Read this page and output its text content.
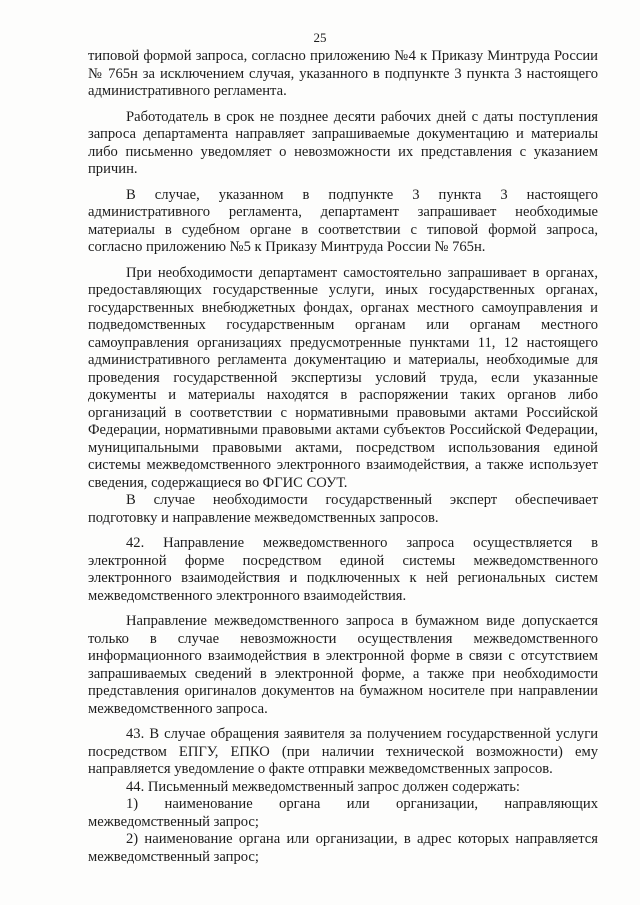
25

типовой формой запроса, согласно приложению №4 к Приказу Минтруда России № 765н за исключением случая, указанного в подпункте 3 пункта 3 настоящего административного регламента.

Работодатель в срок не позднее десяти рабочих дней с даты поступления запроса департамента направляет запрашиваемые документацию и материалы либо письменно уведомляет о невозможности их представления с указанием причин.

В случае, указанном в подпункте 3 пункта 3 настоящего административного регламента, департамент запрашивает необходимые материалы в судебном органе в соответствии с типовой формой запроса, согласно приложению №5 к Приказу Минтруда России № 765н.

При необходимости департамент самостоятельно запрашивает в органах, предоставляющих государственные услуги, иных государственных органах, государственных внебюджетных фондах, органах местного самоуправления и подведомственных государственным органам или органам местного самоуправления организациях предусмотренные пунктами 11, 12 настоящего административного регламента документацию и материалы, необходимые для проведения государственной экспертизы условий труда, если указанные документы и материалы находятся в распоряжении таких органов либо организаций в соответствии с нормативными правовыми актами Российской Федерации, нормативными правовыми актами субъектов Российской Федерации, муниципальными правовыми актами, посредством использования единой системы межведомственного электронного взаимодействия, а также использует сведения, содержащиеся во ФГИС СОУТ.

В случае необходимости государственный эксперт обеспечивает подготовку и направление межведомственных запросов.

42. Направление межведомственного запроса осуществляется в электронной форме посредством единой системы межведомственного электронного взаимодействия и подключенных к ней региональных систем межведомственного электронного взаимодействия.

Направление межведомственного запроса в бумажном виде допускается только в случае невозможности осуществления межведомственного информационного взаимодействия в электронной форме в связи с отсутствием запрашиваемых сведений в электронной форме, а также при необходимости представления оригиналов документов на бумажном носителе при направлении межведомственного запроса.

43. В случае обращения заявителя за получением государственной услуги посредством ЕПГУ, ЕПКО (при наличии технической возможности) ему направляется уведомление о факте отправки межведомственных запросов.

44. Письменный межведомственный запрос должен содержать:

1) наименование органа или организации, направляющих межведомственный запрос;

2) наименование органа или организации, в адрес которых направляется межведомственный запрос;
